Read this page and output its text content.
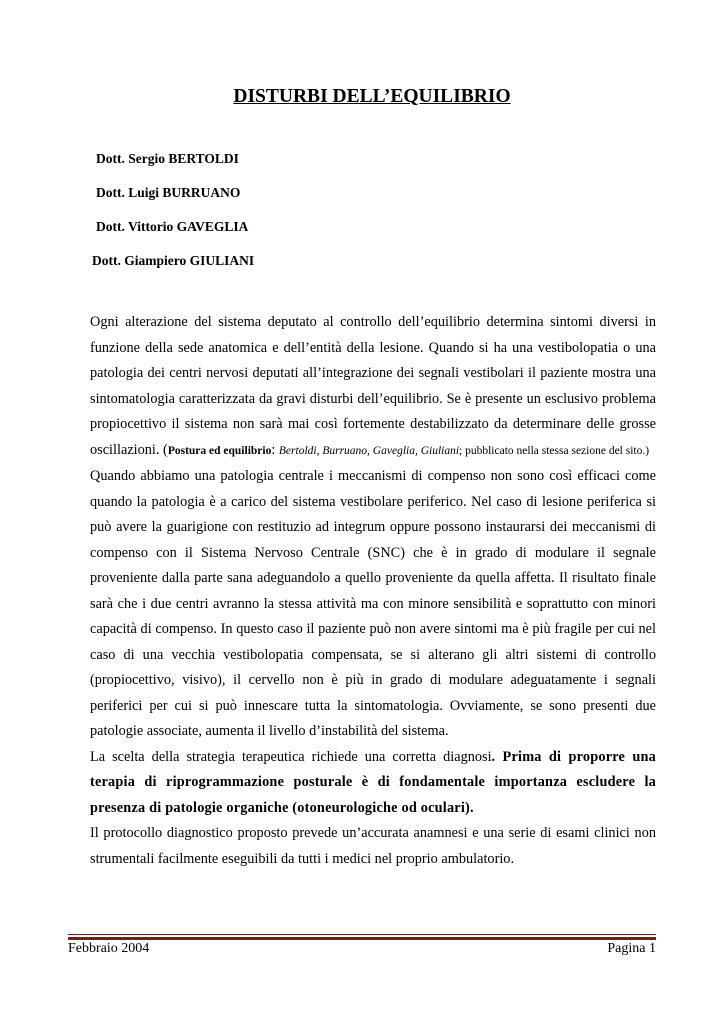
DISTURBI DELL’EQUILIBRIO
Dott. Sergio BERTOLDI
Dott. Luigi BURRUANO
Dott. Vittorio GAVEGLIA
Dott. Giampiero GIULIANI

Ogni alterazione del sistema deputato al controllo dell’equilibrio determina sintomi diversi in funzione della sede anatomica e dell’entità della lesione. Quando si ha una vestibolopatia o una patologia dei centri nervosi deputati all’integrazione dei segnali vestibolari il paziente mostra una sintomatologia caratterizzata da gravi disturbi dell’equilibrio. Se è presente un esclusivo problema propiocettivo il sistema non sarà mai così fortemente destabilizzato da determinare delle grosse oscillazioni. (Postura ed equilibrio: Bertoldi, Burruano, Gaveglia, Giuliani; pubblicato nella stessa sezione del sito.)

Quando abbiamo una patologia centrale i meccanismi di compenso non sono così efficaci come quando la patologia è a carico del sistema vestibolare periferico. Nel caso di lesione periferica si può avere la guarigione con restituzio ad integrum oppure possono instaurarsi dei meccanismi di compenso con il Sistema Nervoso Centrale (SNC) che è in grado di modulare il segnale proveniente dalla parte sana adeguandolo a quello proveniente da quella affetta. Il risultato finale sarà che i due centri avranno la stessa attività ma con minore sensibilità e soprattutto con minori capacità di compenso. In questo caso il paziente può non avere sintomi ma è più fragile per cui nel caso di una vecchia vestibolopatia compensata, se si alterano gli altri sistemi di controllo (propiocettivo, visivo), il cervello non è più in grado di modulare adeguatamente i segnali periferici per cui si può innescare tutta la sintomatologia. Ovviamente, se sono presenti due patologie associate, aumenta il livello d’instabilità del sistema.

La scelta della strategia terapeutica richiede una corretta diagnosi. Prima di proporre una terapia di riprogrammazione posturale è di fondamentale importanza escludere la presenza di patologie organiche (otoneurologiche od oculari).

Il protocollo diagnostico proposto prevede un’accurata anamnesi e una serie di esami clinici non strumentali facilmente eseguibili da tutti i medici nel proprio ambulatorio.

Febbraio 2004	Pagina 1
